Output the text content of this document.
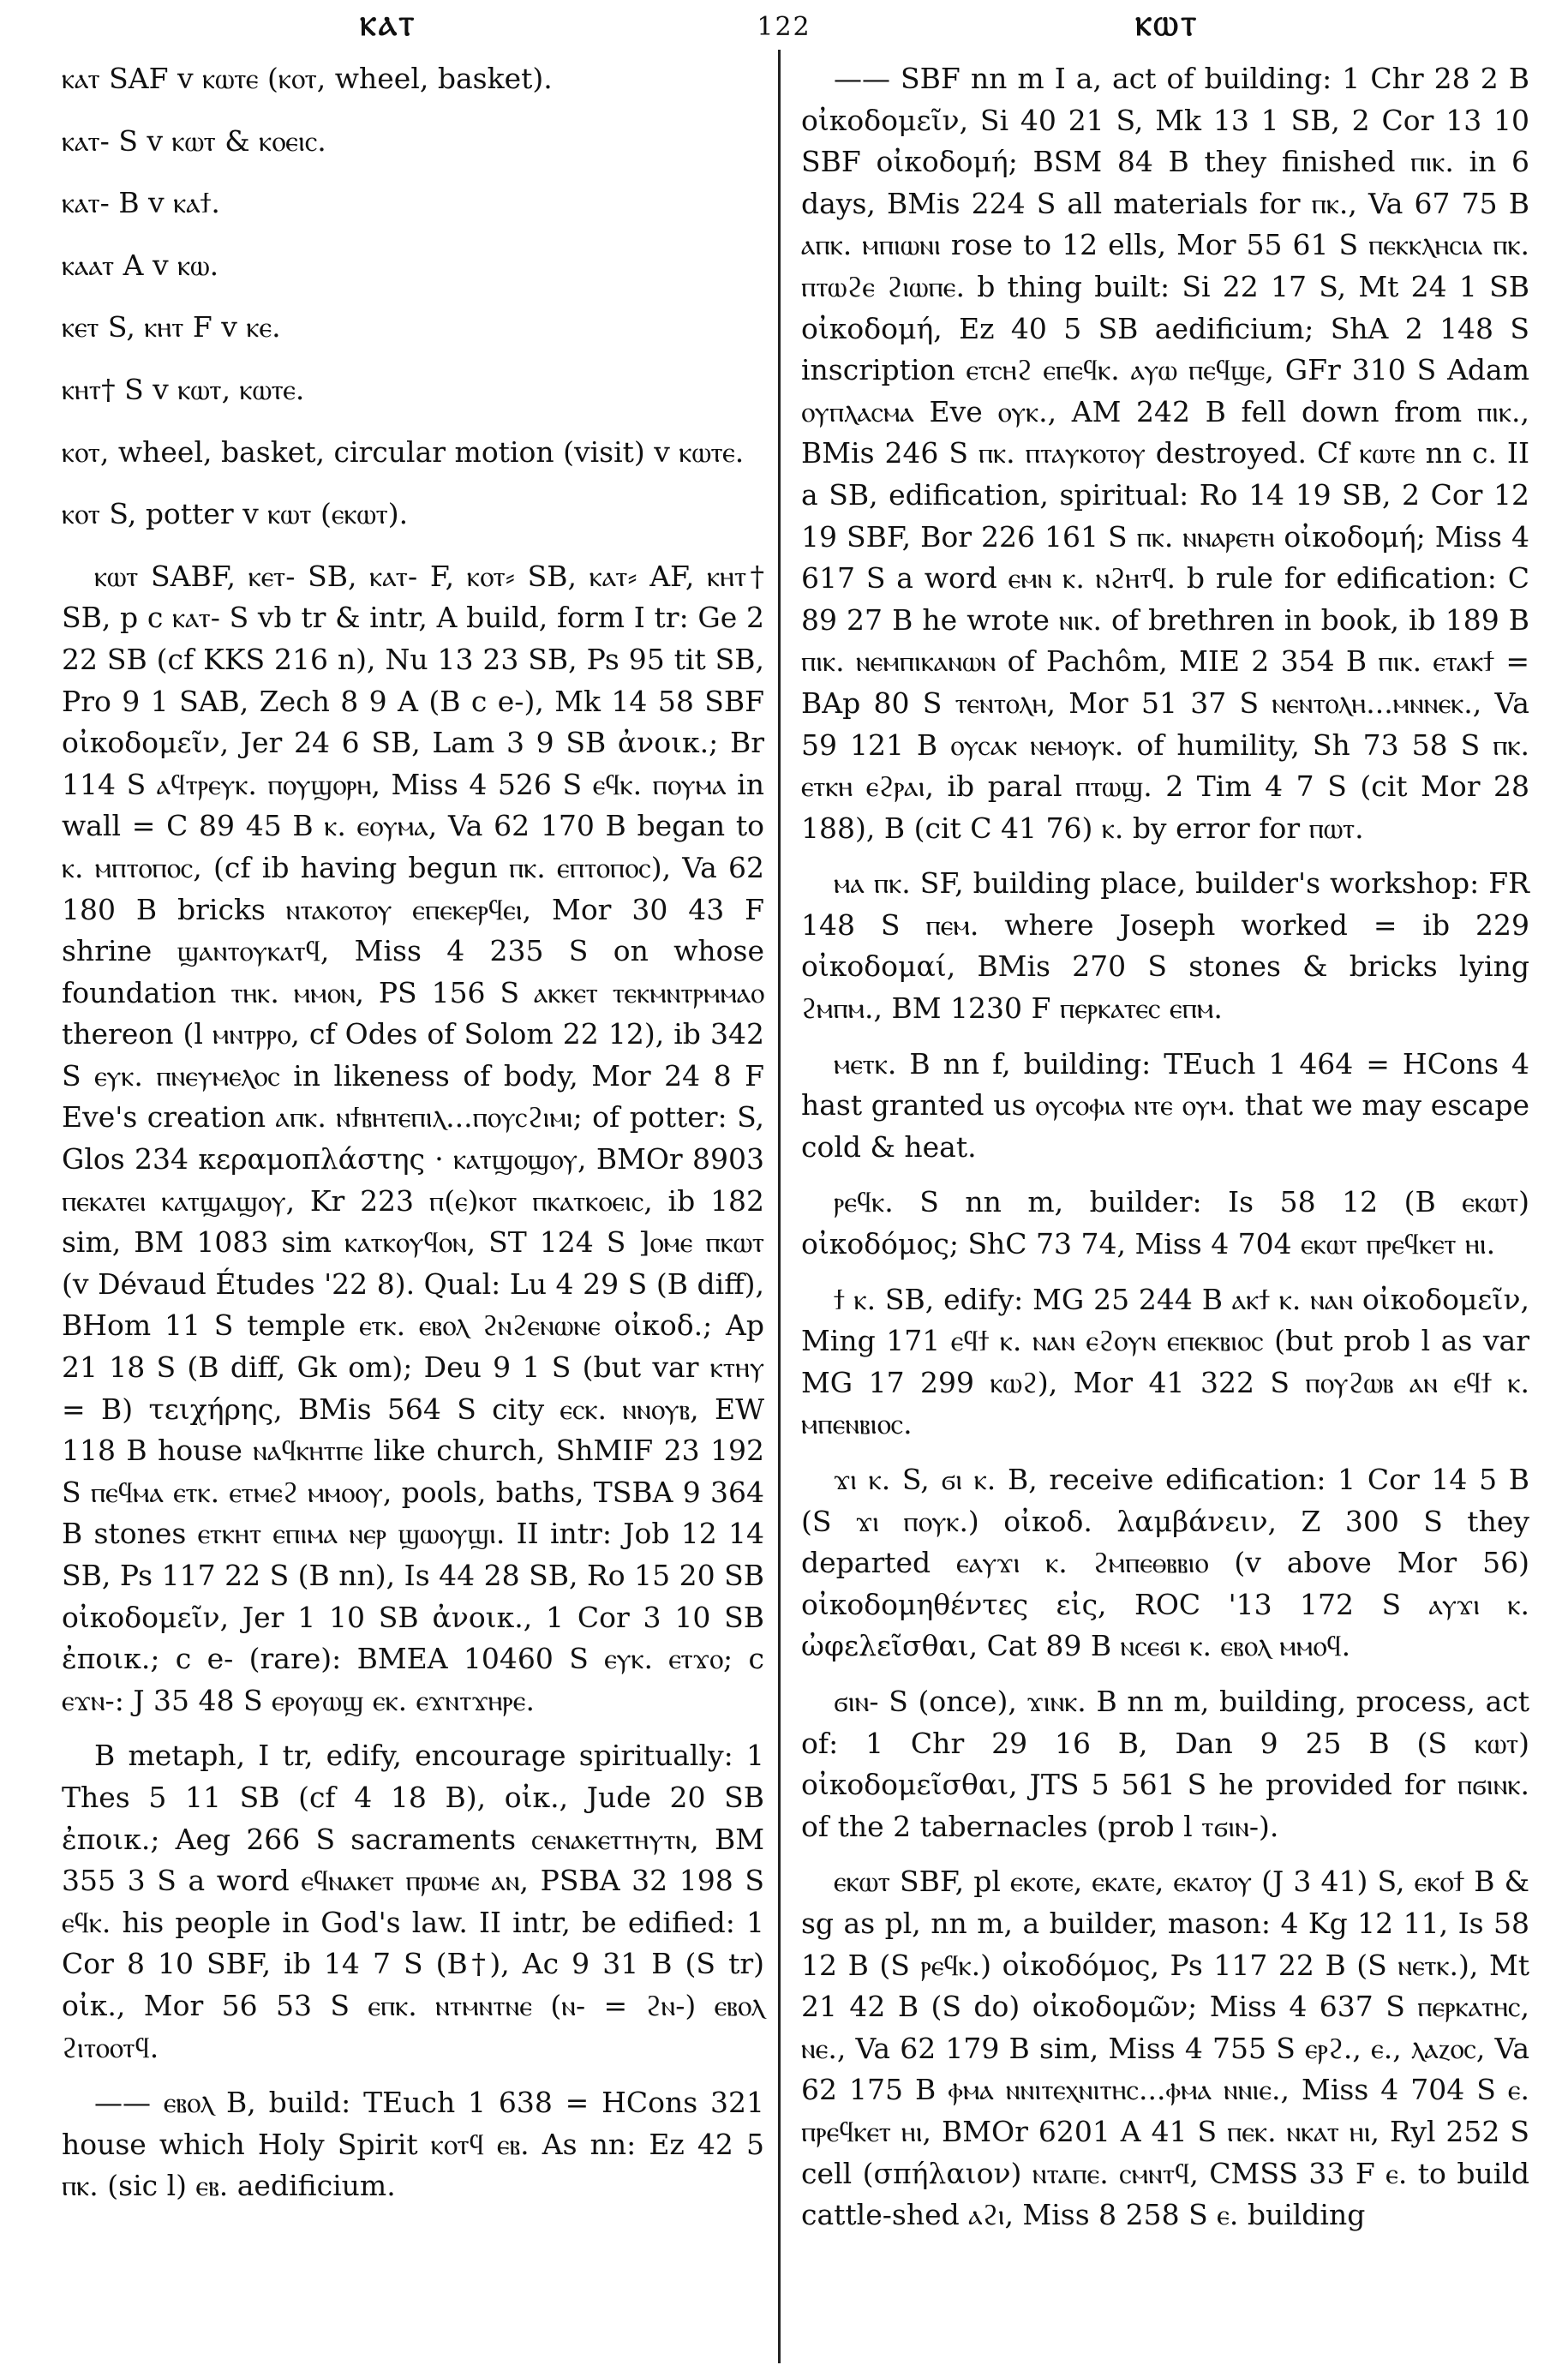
ⲔⲀⲦ	122	ⲔⲰⲦ

ⲕⲁⲧ SAF v ⲕⲱⲧⲉ (ⲕⲟⲧ, wheel, basket).

ⲕⲁⲧ- S v ⲕⲱⲧ & ⲕⲟⲉⲓⲥ.

ⲕⲁⲧ- B v ⲕⲁϯ.

ⲕⲁⲁⲧ A v ⲕⲱ.

ⲕⲉⲧ S, ⲕⲏⲧ F v ⲕⲉ.

ⲕⲏⲧ† S v ⲕⲱⲧ, ⲕⲱⲧⲉ.

ⲕⲟⲧ, wheel, basket, circular motion (visit) v ⲕⲱⲧⲉ.

ⲕⲟⲧ S, potter v ⲕⲱⲧ (ⲉⲕⲱⲧ).

ⲕⲱⲧ SABF, ⲕⲉⲧ- SB, ⲕⲁⲧ- F, ⲕⲟⲧ⸗ SB, ⲕⲁⲧ⸗ AF, ⲕⲏⲧ† SB, p c ⲕⲁⲧ- S vb tr & intr, A build, form I tr: Ge 2 22 SB (cf KKS 216 n), Nu 13 23 SB, Ps 95 tit SB, Pro 9 1 SAB, Zech 8 9 A (B c e-), Mk 14 58 SBF οἰκοδομεῖν, Jer 24 6 SB, Lam 3 9 SB ἀνοικ.; Br 114 S ⲁϥⲧⲣⲉⲩⲕ. ⲡⲟⲩϣⲟⲣⲏ, Miss 4 526 S ⲉϥⲕ. ⲡⲟⲩⲙⲁ in wall = C 89 45 B ⲕ. ⲉⲟⲩⲙⲁ, Va 62 170 B began to ⲕ. ⲙⲡⲧⲟⲡⲟⲥ, (cf ib having begun ⲡⲕ. ⲉⲡⲧⲟⲡⲟⲥ), Va 62 180 B bricks ⲛⲧⲁⲕⲟⲧⲟⲩ ⲉⲡⲉⲕⲉⲣϥⲉⲓ, Mor 30 43 F shrine ϣⲁⲛⲧⲟⲩⲕⲁⲧϥ, Miss 4 235 S on whose foundation ⲧⲏⲕ. ⲙⲙⲟⲛ, PS 156 S ⲁⲕⲕⲉⲧ ⲧⲉⲕⲙⲛⲧⲣⲙⲙⲁⲟ thereon (l ⲙⲛⲧⲣⲣⲟ, cf Odes of Solom 22 12), ib 342 S ⲉⲩⲕ. ⲡⲛⲉⲩⲙⲉⲗⲟⲥ in likeness of body, Mor 24 8 F Eve's creation ⲁⲡⲕ. ⲛϯⲃⲏⲧⲉⲡⲓⲗ...ⲡⲟⲩⲥϩⲓⲙⲓ; of potter: S, Glos 234 κεραμοπλάστης · ⲕⲁⲧϣⲟϣⲟⲩ, BMOr 8903 ⲡⲉⲕⲁⲧⲉⲓ ⲕⲁⲧϣⲁϣⲟⲩ, Kr 223 ⲡ(ⲉ)ⲕⲟⲧ ⲡⲕⲁⲧⲕⲟⲉⲓⲥ, ib 182 sim, BM 1083 sim ⲕⲁⲧⲕⲟⲩϥⲟⲛ, ST 124 S ]ⲟⲙⲉ ⲡⲕⲱⲧ (v Dévaud Études '22 8). Qual: Lu 4 29 S (B diff), BHom 11 S temple ⲉⲧⲕ. ⲉⲃⲟⲗ ϩⲛϩⲉⲛⲱⲛⲉ οἰκοδ.; Ap 21 18 S (B diff, Gk om); Deu 9 1 S (but var ⲕⲧⲏⲩ = B) τειχήρης, BMis 564 S city ⲉⲥⲕ. ⲛⲛⲟⲩⲃ, EW 118 B house ⲛⲁϥⲕⲏⲧⲡⲉ like church, ShMIF 23 192 S ⲡⲉϥⲙⲁ ⲉⲧⲕ. ⲉⲧⲙⲉϩ ⲙⲙⲟⲟⲩ, pools, baths, TSBA 9 364 B stones ⲉⲧⲕⲏⲧ ⲉⲡⲓⲙⲁ ⲛⲉⲣ ϣⲱⲟⲩϣⲓ. II intr: Job 12 14 SB, Ps 117 22 S (B nn), Is 44 28 SB, Ro 15 20 SB οἰκοδομεῖν, Jer 1 10 SB ἀνοικ., 1 Cor 3 10 SB ἐποικ.; c e- (rare): BMEA 10460 S ⲉⲩⲕ. ⲉⲧϫⲟ; c ⲉϫⲛ-: J 35 48 S ⲉⲣⲟⲩⲱϣ ⲉⲕ. ⲉϫⲛⲧϫⲏⲣⲉ.

B metaph, I tr, edify, encourage spiritually: 1 Thes 5 11 SB (cf 4 18 B), οἰκ., Jude 20 SB ἐποικ.; Aeg 266 S sacraments ⲥⲉⲛⲁⲕⲉⲧⲧⲏⲩⲧⲛ, BM 355 3 S a word ⲉϥⲛⲁⲕⲉⲧ ⲡⲣⲱⲙⲉ ⲁⲛ, PSBA 32 198 S ⲉϥⲕ. his people in God's law. II intr, be edified: 1 Cor 8 10 SBF, ib 14 7 S (B†), Ac 9 31 B (S tr) οἰκ., Mor 56 53 S ⲉⲡⲕ. ⲛⲧⲙⲛⲧⲛⲉ (ⲛ- = ϩⲛ-) ⲉⲃⲟⲗ ϩⲓⲧⲟⲟⲧϥ.

—— ⲉⲃⲟⲗ B, build: TEuch 1 638 = HCons 321 house which Holy Spirit ⲕⲟⲧϥ ⲉⲃ. As nn: Ez 42 5 ⲡⲕ. (sic l) ⲉⲃ. aedificium.

—— SBF nn m I a, act of building: 1 Chr 28 2 B οἰκοδομεῖν, Si 40 21 S, Mk 13 1 SB, 2 Cor 13 10 SBF οἰκοδομή; BSM 84 B they finished ⲡⲓⲕ. in 6 days, BMis 224 S all materials for ⲡⲕ., Va 67 75 B ⲁⲡⲕ. ⲙⲡⲓⲱⲛⲓ rose to 12 ells, Mor 55 61 S ⲡⲉⲕⲕⲗⲏⲥⲓⲁ ⲡⲕ. ⲡⲧⲱϩⲉ ϩⲓⲱⲡⲉ. b thing built: Si 22 17 S, Mt 24 1 SB οἰκοδομή, Ez 40 5 SB aedificium; ShA 2 148 S inscription ⲉⲧⲥⲏϩ ⲉⲡⲉϥⲕ. ⲁⲩⲱ ⲡⲉϥϣⲉ, GFr 310 S Adam ⲟⲩⲡⲗⲁⲥⲙⲁ Eve ⲟⲩⲕ., AM 242 B fell down from ⲡⲓⲕ., BMis 246 S ⲡⲕ. ⲡⲧⲁⲩⲕⲟⲧⲟⲩ destroyed. Cf ⲕⲱⲧⲉ nn c. II a SB, edification, spiritual: Ro 14 19 SB, 2 Cor 12 19 SBF, Bor 226 161 S ⲡⲕ. ⲛⲛⲁⲣⲉⲧⲏ οἰκοδομή; Miss 4 617 S a word ⲉⲙⲛ ⲕ. ⲛϩⲏⲧϥ. b rule for edification: C 89 27 B he wrote ⲛⲓⲕ. of brethren in book, ib 189 B ⲡⲓⲕ. ⲛⲉⲙⲡⲓⲕⲁⲛⲱⲛ of Pachôm, MIE 2 354 B ⲡⲓⲕ. ⲉⲧⲁⲕϯ = BAp 80 S ⲧⲉⲛⲧⲟⲗⲏ, Mor 51 37 S ⲛⲉⲛⲧⲟⲗⲏ...ⲙⲛⲛⲉⲕ., Va 59 121 B ⲟⲩⲥⲁⲕ ⲛⲉⲙⲟⲩⲕ. of humility, Sh 73 58 S ⲡⲕ. ⲉⲧⲕⲏ ⲉϩⲣⲁⲓ, ib paral ⲡⲧⲱϣ. 2 Tim 4 7 S (cit Mor 28 188), B (cit C 41 76) ⲕ. by error for ⲡⲱⲧ.

ⲙⲁ ⲡⲕ. SF, building place, builder's workshop: FR 148 S ⲡⲉⲙ. where Joseph worked = ib 229 οἰκοδομαί, BMis 270 S stones & bricks lying ϩⲙⲡⲙ., BM 1230 F ⲡⲉⲣⲕⲁⲧⲉⲥ ⲉⲡⲙ.

ⲙⲉⲧⲕ. B nn f, building: TEuch 1 464 = HCons 4 hast granted us ⲟⲩⲥⲟⲫⲓⲁ ⲛⲧⲉ ⲟⲩⲙ. that we may escape cold & heat.

ⲣⲉϥⲕ. S nn m, builder: Is 58 12 (B ⲉⲕⲱⲧ) οἰκοδόμος; ShC 73 74, Miss 4 704 ⲉⲕⲱⲧ ⲡⲣⲉϥⲕⲉⲧ ⲏⲓ.

ϯ ⲕ. SB, edify: MG 25 244 B ⲁⲕϯ ⲕ. ⲛⲁⲛ οἰκοδομεῖν, Ming 171 ⲉϥϯ ⲕ. ⲛⲁⲛ ⲉϩⲟⲩⲛ ⲉⲡⲉⲕⲃⲓⲟⲥ (but prob l as var MG 17 299 ⲕⲱϩ), Mor 41 322 S ⲡⲟⲩϩⲱⲃ ⲁⲛ ⲉϥϯ ⲕ. ⲙⲡⲉⲛⲃⲓⲟⲥ.

ϫⲓ ⲕ. S, ϭⲓ ⲕ. B, receive edification: 1 Cor 14 5 B (S ϫⲓ ⲡⲟⲩⲕ.) οἰκοδ. λαμβάνειν, Z 300 S they departed ⲉⲁⲩϫⲓ ⲕ. ϩⲙⲡⲉⲑⲃⲃⲓⲟ (v above Mor 56) οἰκοδομηθέντες εἰς, ROC '13 172 S ⲁⲩϫⲓ ⲕ. ὠφελεῖσθαι, Cat 89 B ⲛⲥⲉϭⲓ ⲕ. ⲉⲃⲟⲗ ⲙⲙⲟϥ.

ϭⲓⲛ- S (once), ϫⲓⲛⲕ. B nn m, building, process, act of: 1 Chr 29 16 B, Dan 9 25 B (S ⲕⲱⲧ) οἰκοδομεῖσθαι, JTS 5 561 S he provided for ⲡϭⲓⲛⲕ. of the 2 tabernacles (prob l ⲧϭⲓⲛ-).

ⲉⲕⲱⲧ SBF, pl ⲉⲕⲟⲧⲉ, ⲉⲕⲁⲧⲉ, ⲉⲕⲁⲧⲟⲩ (J 3 41) S, ⲉⲕⲟϯ B & sg as pl, nn m, a builder, mason: 4 Kg 12 11, Is 58 12 B (S ⲣⲉϥⲕ.) οἰκοδόμος, Ps 117 22 B (S ⲛⲉⲧⲕ.), Mt 21 42 B (S do) οἰκοδομῶν; Miss 4 637 S ⲡⲉⲣⲕⲁⲧⲏⲥ, ⲛⲉ., Va 62 179 B sim, Miss 4 755 S ⲉⲣϩ., ⲉ., ⲗⲁⲍⲟⲥ, Va 62 175 B ⲫⲙⲁ ⲛⲛⲓⲧⲉⲭⲛⲓⲧⲏⲥ...ⲫⲙⲁ ⲛⲛⲓⲉ., Miss 4 704 S ⲉ. ⲡⲣⲉϥⲕⲉⲧ ⲏⲓ, BMOr 6201 A 41 S ⲡⲉⲕ. ⲛⲕⲁⲧ ⲏⲓ, Ryl 252 S cell (σπήλαιον) ⲛⲧⲁⲡⲉ. ⲥⲙⲛⲧϥ, CMSS 33 F ⲉ. to build cattle-shed ⲁϩⲓ, Miss 8 258 S ⲉ. building
